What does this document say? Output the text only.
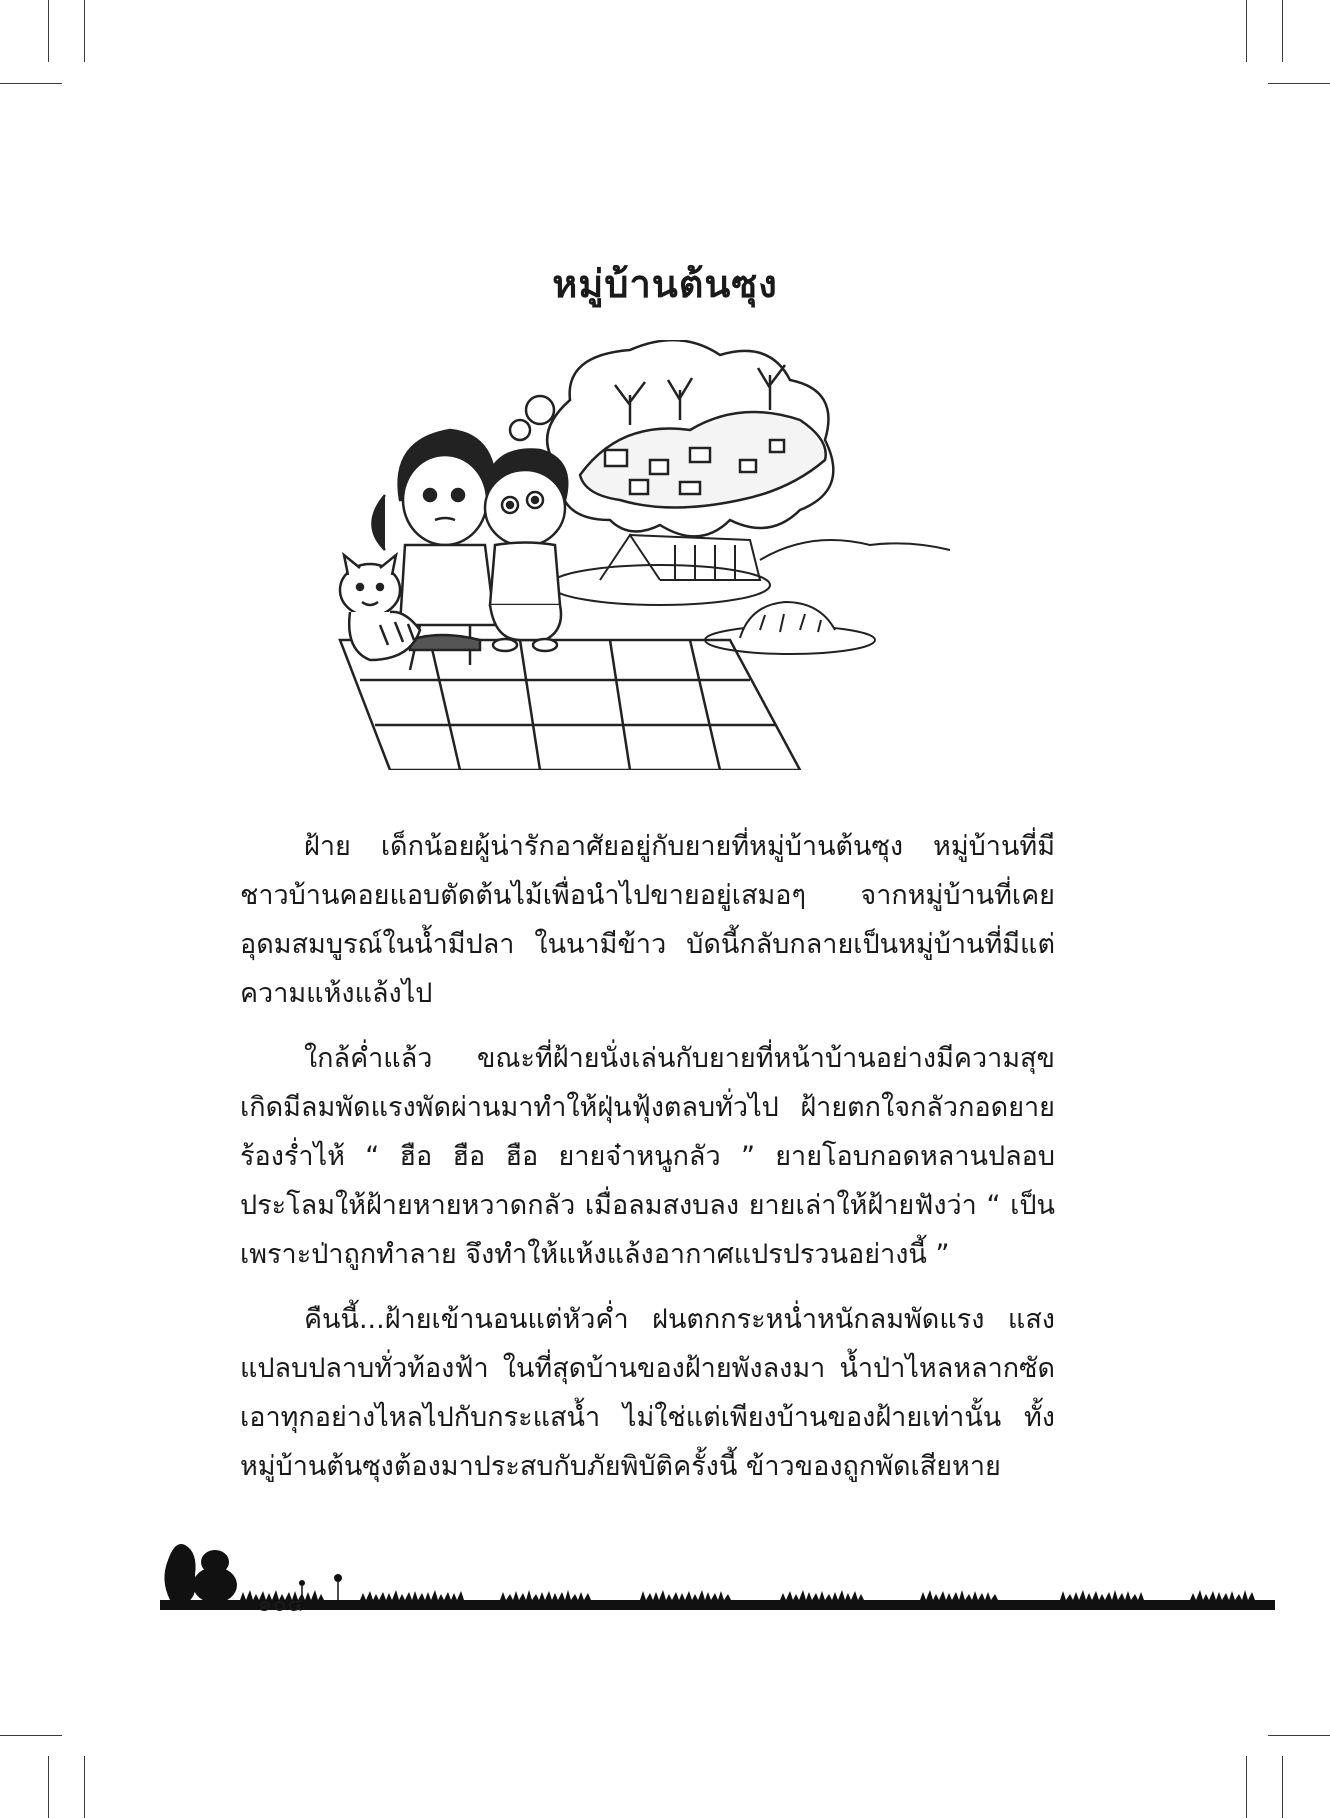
หมู่บ้านต้นซุง

ฝ้าย เด็กน้อยผู้น่ารักอาศัยอยู่กับยายที่หมู่บ้านต้นซุง หมู่บ้านที่มีชาวบ้านคอยแอบตัดต้นไม้เพื่อนำไปขายอยู่เสมอๆ จากหมู่บ้านที่เคยอุดมสมบูรณ์ในน้ำมีปลา ในนามีข้าว บัดนี้กลับกลายเป็นหมู่บ้านที่มีแต่ความแห้งแล้งไป

ใกล้ค่ำแล้ว ขณะที่ฝ้ายนั่งเล่นกับยายที่หน้าบ้านอย่างมีความสุข เกิดมีลมพัดแรงพัดผ่านมาทำให้ฝุ่นฟุ้งตลบทั่วไป ฝ้ายตกใจกลัวกอดยายร้องร่ำไห้ “ ฮือ ฮือ ฮือ ยายจ๋าหนูกลัว ” ยายโอบกอดหลานปลอบประโลมให้ฝ้ายหายหวาดกลัว เมื่อลมสงบลง ยายเล่าให้ฝ้ายฟังว่า “ เป็นเพราะป่าถูกทำลาย จึงทำให้แห้งแล้งอากาศแปรปรวนอย่างนี้ ”

คืนนี้...ฝ้ายเข้านอนแต่หัวค่ำ ฝนตกกระหน่ำหนักลมพัดแรง แสงแปลบปลาบทั่วท้องฟ้า ในที่สุดบ้านของฝ้ายพังลงมา น้ำป่าไหลหลากซัดเอาทุกอย่างไหลไปกับกระแสน้ำ ไม่ใช่แต่เพียงบ้านของฝ้ายเท่านั้น ทั้งหมู่บ้านต้นซุงต้องมาประสบกับภัยพิบัติครั้งนี้ ข้าวของถูกพัดเสียหาย

๑๐๔
